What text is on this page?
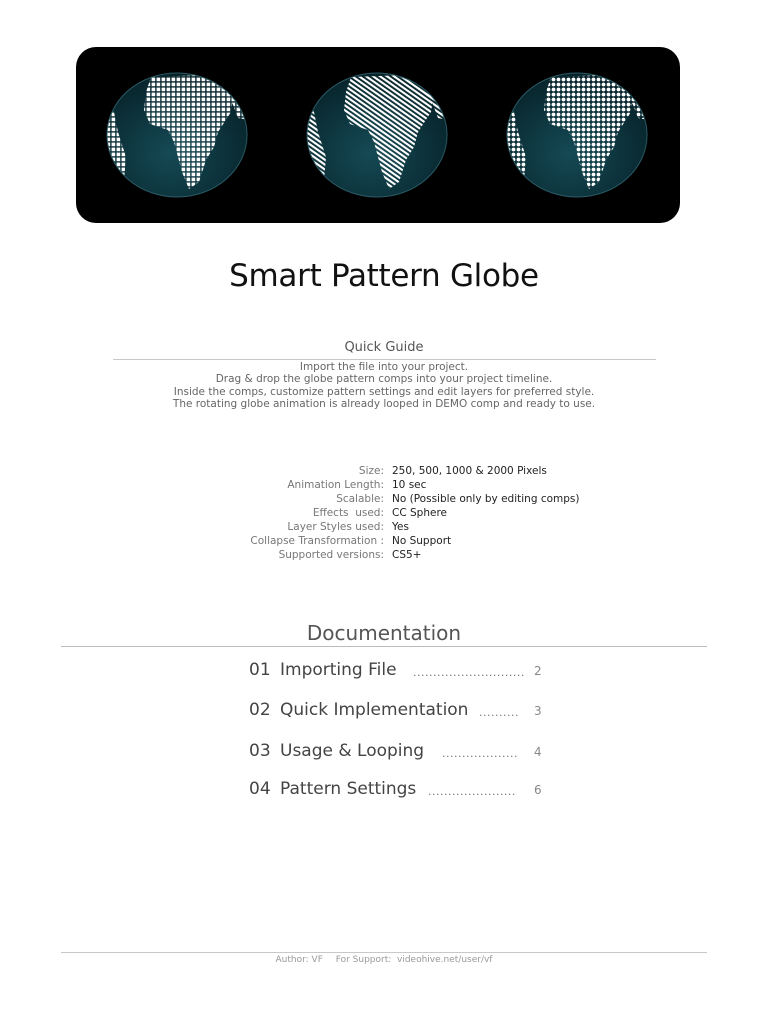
Smart Pattern Globe
Quick Guide
Import the file into your project.
Drag & drop the globe pattern comps into your project timeline.
Inside the comps, customize pattern settings and edit layers for preferred style.
The rotating globe animation is already looped in DEMO comp and ready to use.
Size: 250, 500, 1000 & 2000 Pixels
Animation Length: 10 sec
Scalable: No (Possible only by editing comps)
Effects  used: CC Sphere
Layer Styles used: Yes
Collapse Transformation : No Support
Supported versions: CS5+
Documentation
01 Importing File ............................ 2
02 Quick Implementation .......... 3
03 Usage & Looping ................... 4
04 Pattern Settings ...................... 6
Author: VF For Support:  videohive.net/user/vf
